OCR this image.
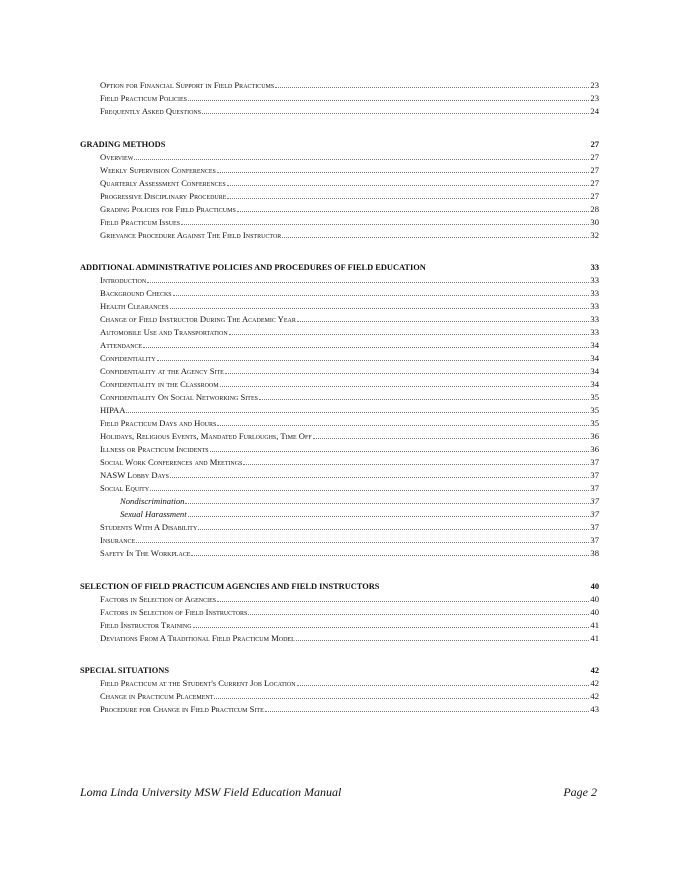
Option for Financial Support in Field Practicums	23
Field Practicum Policies	23
Frequently Asked Questions	24
GRADING METHODS	27
Overview	27
Weekly Supervision Conferences	27
Quarterly Assessment Conferences	27
Progressive Disciplinary Procedure	27
Grading Policies for Field Practicums	28
Field Practicum Issues	30
Grievance Procedure Against The Field Instructor	32
ADDITIONAL ADMINISTRATIVE POLICIES AND PROCEDURES OF FIELD EDUCATION	33
Introduction	33
Background Checks	33
Health Clearances	33
Change of Field Instructor During The Academic Year	33
Automobile Use and Transportation	33
Attendance	34
Confidentiality	34
Confidentiality at the Agency Site	34
Confidentiality in the Classroom	34
Confidentiality On Social Networking Sites	35
HIPAA	35
Field Practicum Days and Hours	35
Holidays, Religious Events, Mandated Furloughs, Time Off	36
Illness or Practicum Incidents	36
Social Work Conferences and Meetings	37
NASW Lobby Days	37
Social Equity	37
Nondiscrimination	37
Sexual Harassment	37
Students With A Disability	37
Insurance	37
Safety In The Workplace	38
SELECTION OF FIELD PRACTICUM AGENCIES AND FIELD INSTRUCTORS	40
Factors in Selection of Agencies	40
Factors in Selection of Field Instructors	40
Field Instructor Training	41
Deviations From A Traditional Field Practicum Model	41
SPECIAL SITUATIONS	42
Field Practicum at the Student's Current Job Location	42
Change in Practicum Placement	42
Procedure for Change in Field Practicum Site	43
Loma Linda University MSW Field Education Manual	Page 2
